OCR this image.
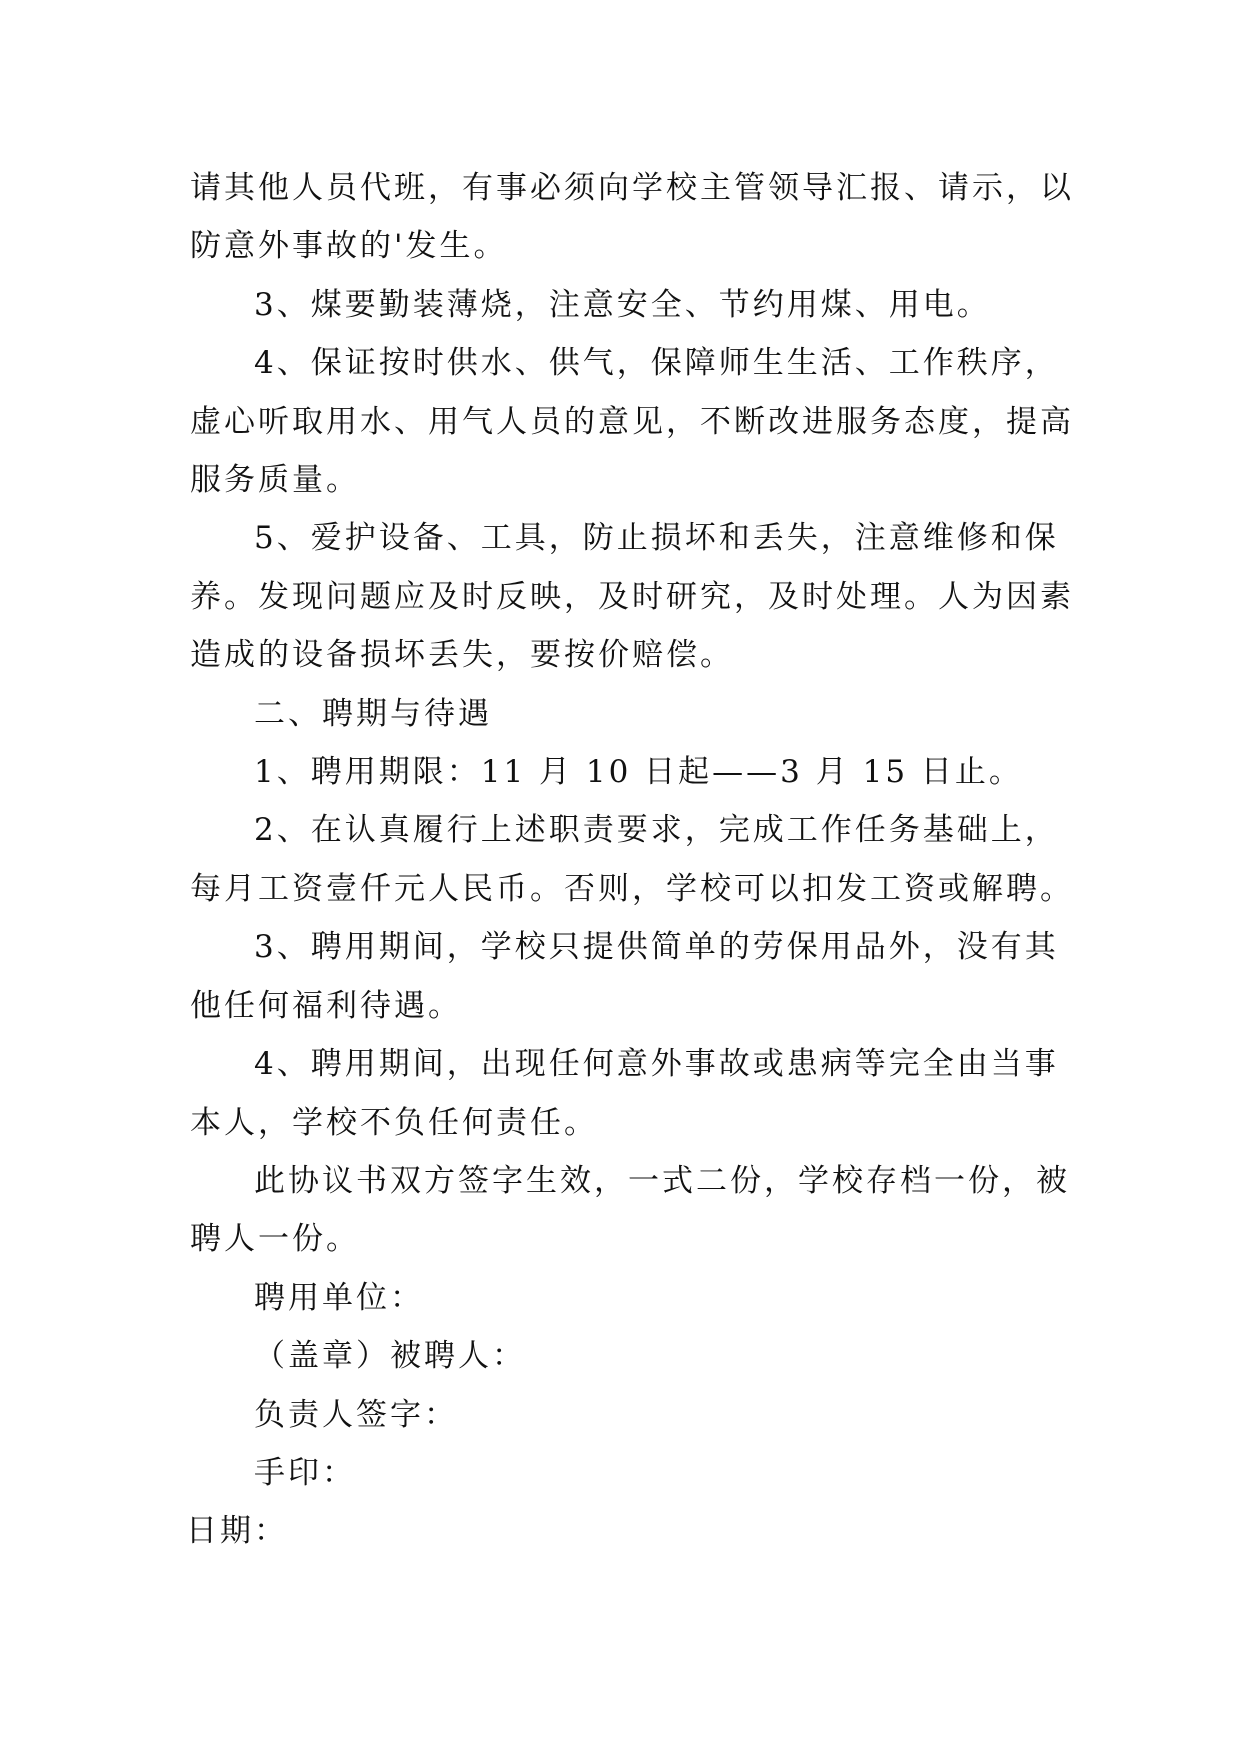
请其他人员代班，有事必须向学校主管领导汇报、请示，以

防意外事故的'发生。

3、煤要勤装薄烧，注意安全、节约用煤、用电。

4、保证按时供水、供气，保障师生生活、工作秩序，

虚心听取用水、用气人员的意见，不断改进服务态度，提高

服务质量。

5、爱护设备、工具，防止损坏和丢失，注意维修和保

养。发现问题应及时反映，及时研究，及时处理。人为因素

造成的设备损坏丢失，要按价赔偿。

二、聘期与待遇

1、聘用期限：11 月 10 日起——3 月 15 日止。

2、在认真履行上述职责要求，完成工作任务基础上，

每月工资壹仟元人民币。否则，学校可以扣发工资或解聘。

3、聘用期间，学校只提供简单的劳保用品外，没有其

他任何福利待遇。

4、聘用期间，出现任何意外事故或患病等完全由当事

本人，学校不负任何责任。

此协议书双方签字生效，一式二份，学校存档一份，被

聘人一份。

聘用单位：

（盖章）被聘人：

负责人签字：

手印：

日期：
